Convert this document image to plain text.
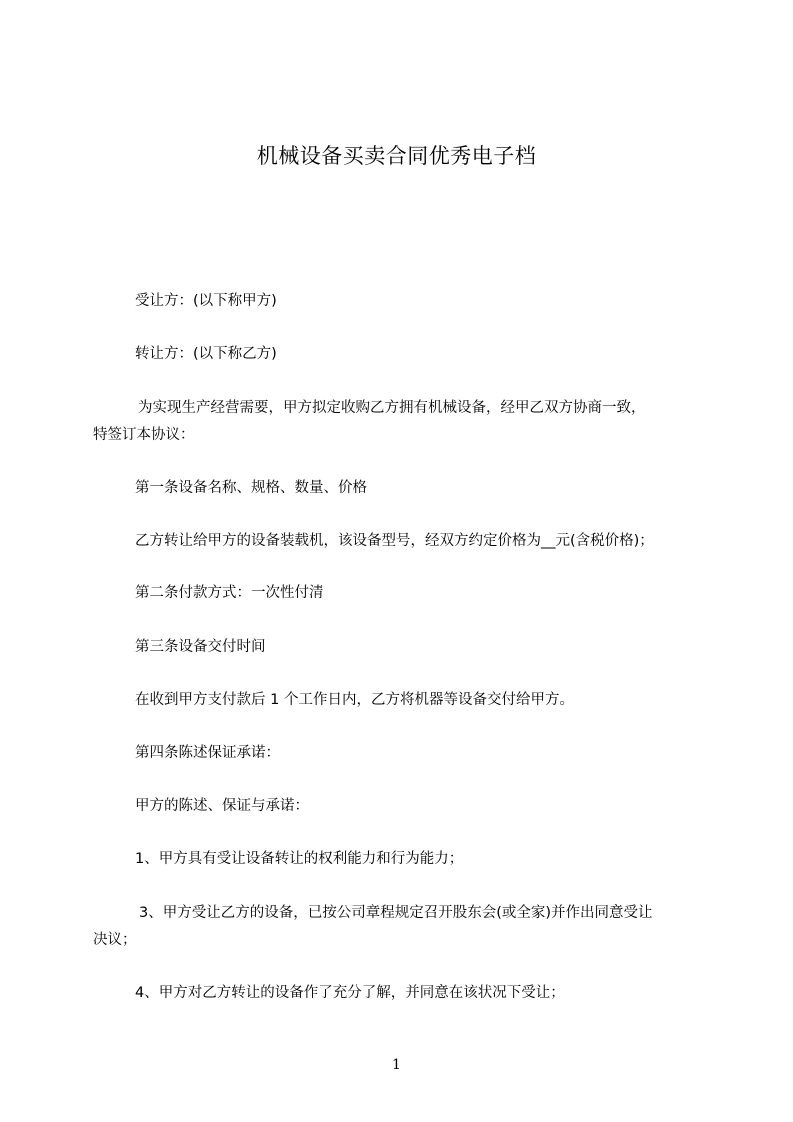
机械设备买卖合同优秀电子档
受让方：(以下称甲方)
转让方：(以下称乙方)
为实现生产经营需要，甲方拟定收购乙方拥有机械设备，经甲乙双方协商一致，
特签订本协议：
第一条设备名称、规格、数量、价格
乙方转让给甲方的设备装载机，该设备型号，经双方约定价格为__元(含税价格)；
第二条付款方式：一次性付清
第三条设备交付时间
在收到甲方支付款后 1 个工作日内，乙方将机器等设备交付给甲方。
第四条陈述保证承诺：
甲方的陈述、保证与承诺：
1、甲方具有受让设备转让的权利能力和行为能力；
3、甲方受让乙方的设备，已按公司章程规定召开股东会(或全家)并作出同意受让
决议；
4、甲方对乙方转让的设备作了充分了解，并同意在该状况下受让；
1
